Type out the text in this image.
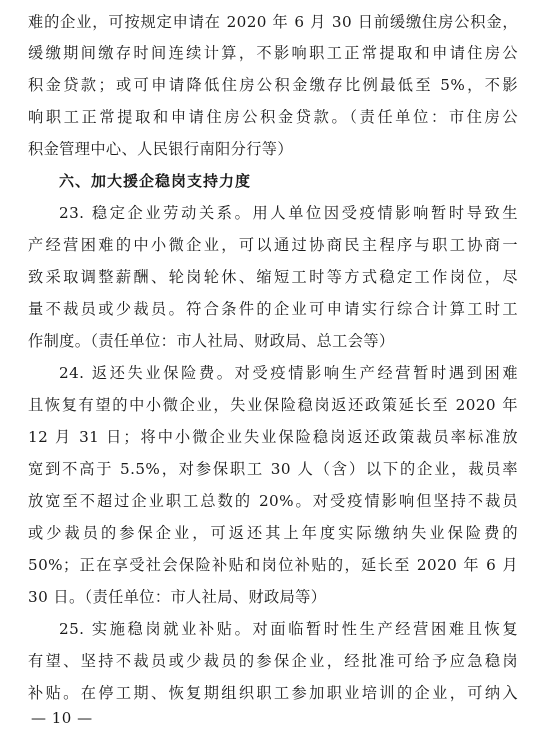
难的企业，可按规定申请在 2020 年 6 月 30 日前缓缴住房公积金，
缓缴期间缴存时间连续计算，不影响职工正常提取和申请住房公
积金贷款；或可申请降低住房公积金缴存比例最低至 5%，不影
响职工正常提取和申请住房公积金贷款。（责任单位：市住房公
积金管理中心、人民银行南阳分行等）
六、加大援企稳岗支持力度
23. 稳定企业劳动关系。用人单位因受疫情影响暂时导致生
产经营困难的中小微企业，可以通过协商民主程序与职工协商一
致采取调整薪酬、轮岗轮休、缩短工时等方式稳定工作岗位，尽
量不裁员或少裁员。符合条件的企业可申请实行综合计算工时工
作制度。（责任单位：市人社局、财政局、总工会等）
24. 返还失业保险费。对受疫情影响生产经营暂时遇到困难
且恢复有望的中小微企业，失业保险稳岗返还政策延长至 2020 年
12 月 31 日；将中小微企业失业保险稳岗返还政策裁员率标准放
宽到不高于 5.5%，对参保职工 30 人（含）以下的企业，裁员率
放宽至不超过企业职工总数的 20%。对受疫情影响但坚持不裁员
或少裁员的参保企业，可返还其上年度实际缴纳失业保险费的
50%；正在享受社会保险补贴和岗位补贴的，延长至 2020 年 6 月
30 日。（责任单位：市人社局、财政局等）
25. 实施稳岗就业补贴。对面临暂时性生产经营困难且恢复
有望、坚持不裁员或少裁员的参保企业，经批准可给予应急稳岗
补贴。在停工期、恢复期组织职工参加职业培训的企业，可纳入
— 10 —
